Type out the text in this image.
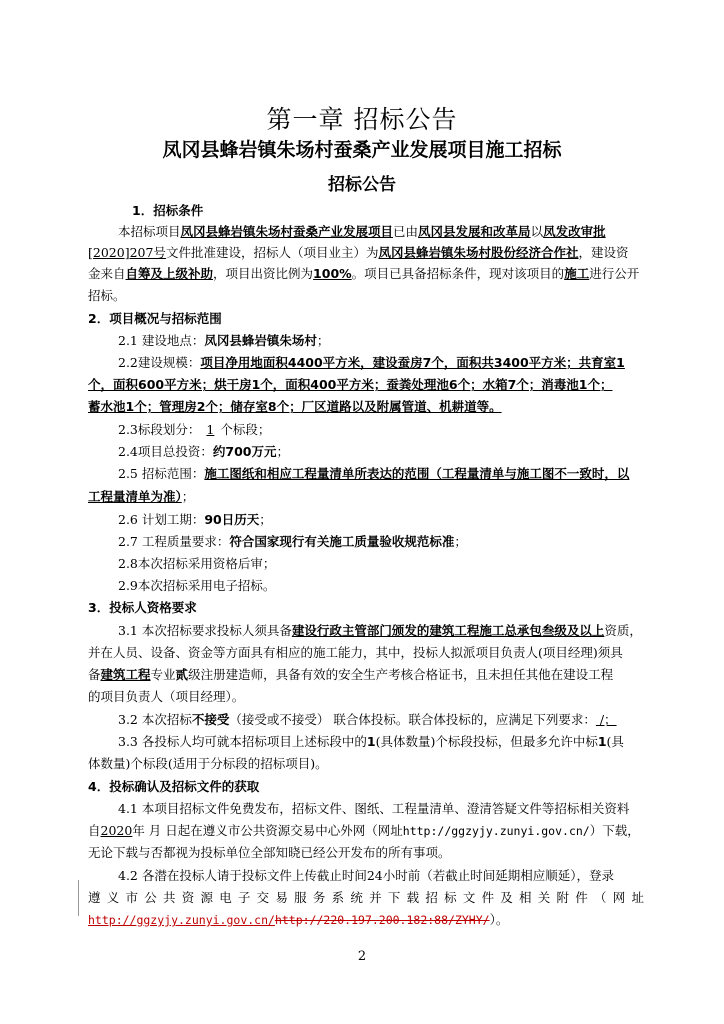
第一章 招标公告
凤冈县蜂岩镇朱场村蚕桑产业发展项目施工招标
招标公告
1．招标条件
本招标项目凤冈县蜂岩镇朱场村蚕桑产业发展项目已由凤冈县发展和改革局以凤发改审批
[2020]207号文件批准建设，招标人（项目业主）为凤冈县蜂岩镇朱场村股份经济合作社，建设资
金来自自筹及上级补助，项目出资比例为100%。项目已具备招标条件，现对该项目的施工进行公开
招标。
2．项目概况与招标范围
2.1 建设地点：凤冈县蜂岩镇朱场村；
2.2建设规模：项目净用地面积4400平方米，建设蚕房7个，面积共3400平方米；共育室1
个，面积600平方米；烘干房1个，面积400平方米；蚕粪处理池6个；水箱7个；消毒池1个；
蓄水池1个；管理房2个；储存室8个；厂区道路以及附属管道、机耕道等。
2.3标段划分： 1 个标段；
2.4项目总投资：约700万元；
2.5 招标范围：施工图纸和相应工程量清单所表达的范围（工程量清单与施工图不一致时，以
工程量清单为准）；
2.6 计划工期：90日历天；
2.7 工程质量要求：符合国家现行有关施工质量验收规范标准；
2.8本次招标采用资格后审；
2.9本次招标采用电子招标。
3．投标人资格要求
3.1 本次招标要求投标人须具备建设行政主管部门颁发的建筑工程施工总承包叁级及以上资质，
并在人员、设备、资金等方面具有相应的施工能力，其中，投标人拟派项目负责人(项目经理)须具
备建筑工程专业贰级注册建造师，具备有效的安全生产考核合格证书，且未担任其他在建设工程
的项目负责人（项目经理）。
3.2 本次招标不接受（接受或不接受） 联合体投标。联合体投标的，应满足下列要求： /；
3.3 各投标人均可就本招标项目上述标段中的1(具体数量)个标段投标，但最多允许中标1(具
体数量)个标段(适用于分标段的招标项目)。
4．投标确认及招标文件的获取
4.1 本项目招标文件免费发布，招标文件、图纸、工程量清单、澄清答疑文件等招标相关资料
自2020年 月 日起在遵义市公共资源交易中心外网（网址http://ggzyjy.zunyi.gov.cn/）下载，
无论下载与否都视为投标单位全部知晓已经公开发布的所有事项。
4.2 各潜在投标人请于投标文件上传截止时间24小时前（若截止时间延期相应顺延），登录
遵 义 市 公 共 资 源 电 子 交 易 服 务 系 统 并 下 载 招 标 文 件 及 相 关 附 件 （ 网 址
http://ggzyjy.zunyi.gov.cn/http://220.197.200.182:88/ZYHY/）。
2
